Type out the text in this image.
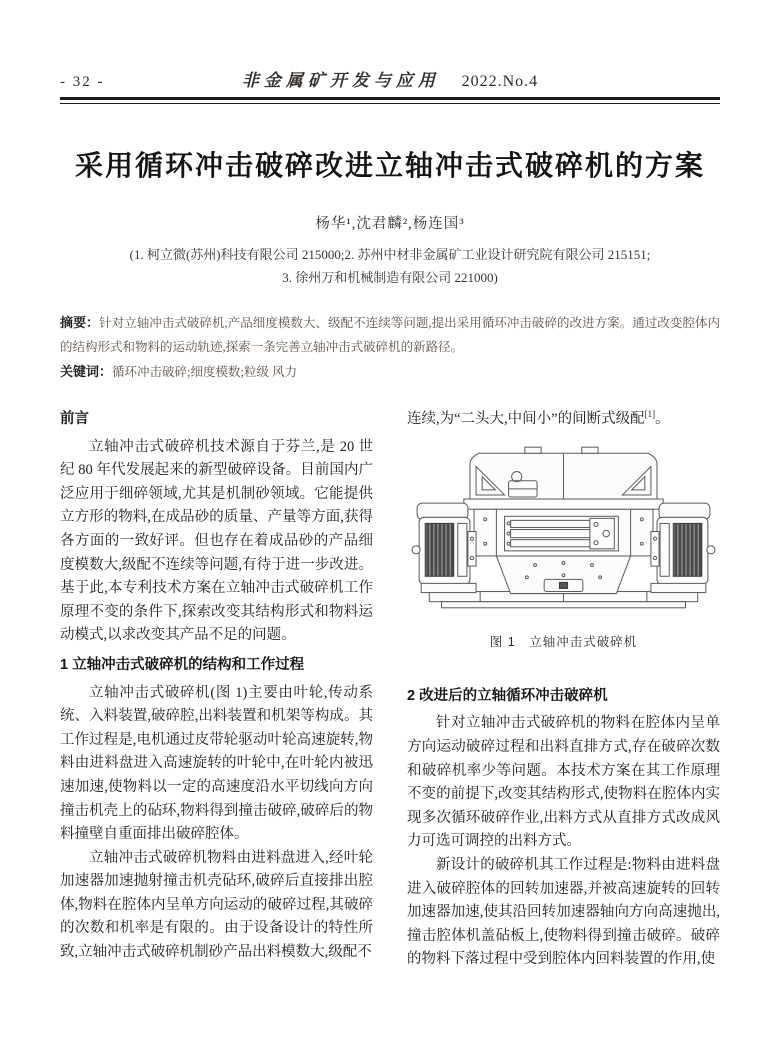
- 32 -	非金属矿开发与应用 2022.No.4
采用循环冲击破碎改进立轴冲击式破碎机的方案
杨华¹,沈君麟²,杨连国³
(1. 柯立微(苏州)科技有限公司 215000;2. 苏州中材非金属矿工业设计研究院有限公司 215151;
3. 徐州万和机械制造有限公司 221000)
摘要：针对立轴冲击式破碎机,产品细度模数大、级配不连续等问题,提出采用循环冲击破碎的改进方案。通过改变腔体内的结构形式和物料的运动轨迹,探索一条完善立轴冲击式破碎机的新路径。
关键词：循环冲击破碎;细度模数;粒级 风力
前言

立轴冲击式破碎机技术源自于芬兰,是 20 世纪 80 年代发展起来的新型破碎设备。目前国内广泛应用于细碎领域,尤其是机制砂领域。它能提供立方形的物料,在成品砂的质量、产量等方面,获得各方面的一致好评。但也存在着成品砂的产品细度模数大,级配不连续等问题,有待于进一步改进。基于此,本专利技术方案在立轴冲击式破碎机工作原理不变的条件下,探索改变其结构形式和物料运动模式,以求改变其产品不足的问题。

1 立轴冲击式破碎机的结构和工作过程

立轴冲击式破碎机(图 1)主要由叶轮,传动系统、入料装置,破碎腔,出料装置和机架等构成。其工作过程是,电机通过皮带轮驱动叶轮高速旋转,物料由进料盘进入高速旋转的叶轮中,在叶轮内被迅速加速,使物料以一定的高速度沿水平切线向方向撞击机壳上的砧环,物料得到撞击破碎,破碎后的物料撞壁自重面排出破碎腔体。

立轴冲击式破碎机物料由进料盘进入,经叶轮加速器加速抛射撞击机壳砧环,破碎后直接排出腔体,物料在腔体内呈单方向运动的破碎过程,其破碎的次数和机率是有限的。由于设备设计的特性所致,立轴冲击式破碎机制砂产品出料模数大,级配不

连续,为“二头大,中间小”的间断式级配[1]。
图 1　立轴冲击式破碎机
2 改进后的立轴循环冲击破碎机

针对立轴冲击式破碎机的物料在腔体内呈单方向运动破碎过程和出料直排方式,存在破碎次数和破碎机率少等问题。本技术方案在其工作原理不变的前提下,改变其结构形式,使物料在腔体内实现多次循环破碎作业,出料方式从直排方式改成风力可选可调控的出料方式。

新设计的破碎机其工作过程是:物料由进料盘进入破碎腔体的回转加速器,并被高速旋转的回转加速器加速,使其沿回转加速器轴向方向高速抛出,撞击腔体机盖砧板上,使物料得到撞击破碎。破碎的物料下落过程中受到腔体内回料装置的作用,使
